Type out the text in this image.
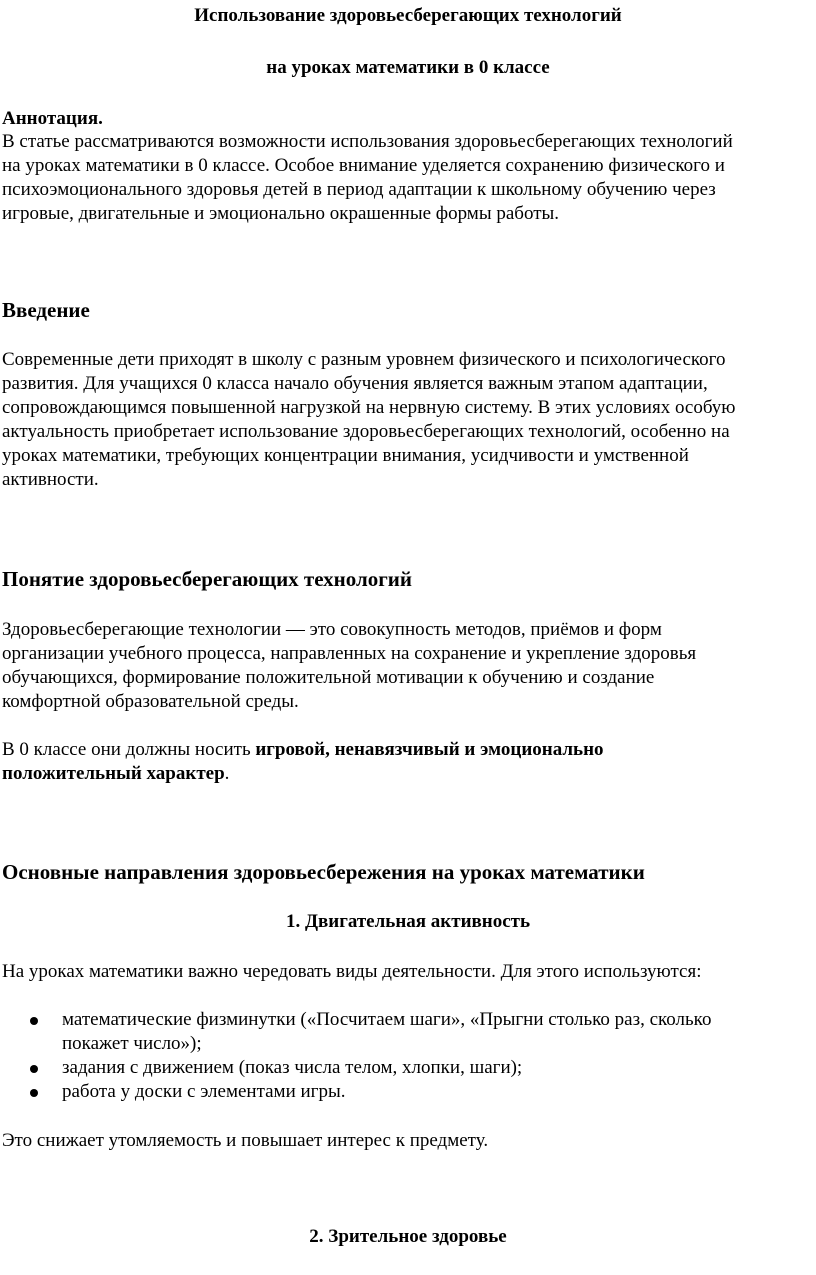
Использование здоровьесберегающих технологий

на уроках математики в 0 классе

Аннотация.

В статье рассматриваются возможности использования здоровьесберегающих технологий

на уроках математики в 0 классе. Особое внимание уделяется сохранению физического и

психоэмоционального здоровья детей в период адаптации к школьному обучению через

игровые, двигательные и эмоционально окрашенные формы работы.

Введение

Современные дети приходят в школу с разным уровнем физического и психологического

развития. Для учащихся 0 класса начало обучения является важным этапом адаптации,

сопровождающимся повышенной нагрузкой на нервную систему. В этих условиях особую

актуальность приобретает использование здоровьесберегающих технологий, особенно на

уроках математики, требующих концентрации внимания, усидчивости и умственной

активности.

Понятие здоровьесберегающих технологий

Здоровьесберегающие технологии — это совокупность методов, приёмов и форм

организации учебного процесса, направленных на сохранение и укрепление здоровья

обучающихся, формирование положительной мотивации к обучению и создание

комфортной образовательной среды.

В 0 классе они должны носить игровой, ненавязчивый и эмоционально

положительный характер.

Основные направления здоровьесбережения на уроках математики

1. Двигательная активность

На уроках математики важно чередовать виды деятельности. Для этого используются:

математические физминутки («Посчитаем шаги», «Прыгни столько раз, сколько

покажет число»);

задания с движением (показ числа телом, хлопки, шаги);

работа у доски с элементами игры.

Это снижает утомляемость и повышает интерес к предмету.

2. Зрительное здоровье
